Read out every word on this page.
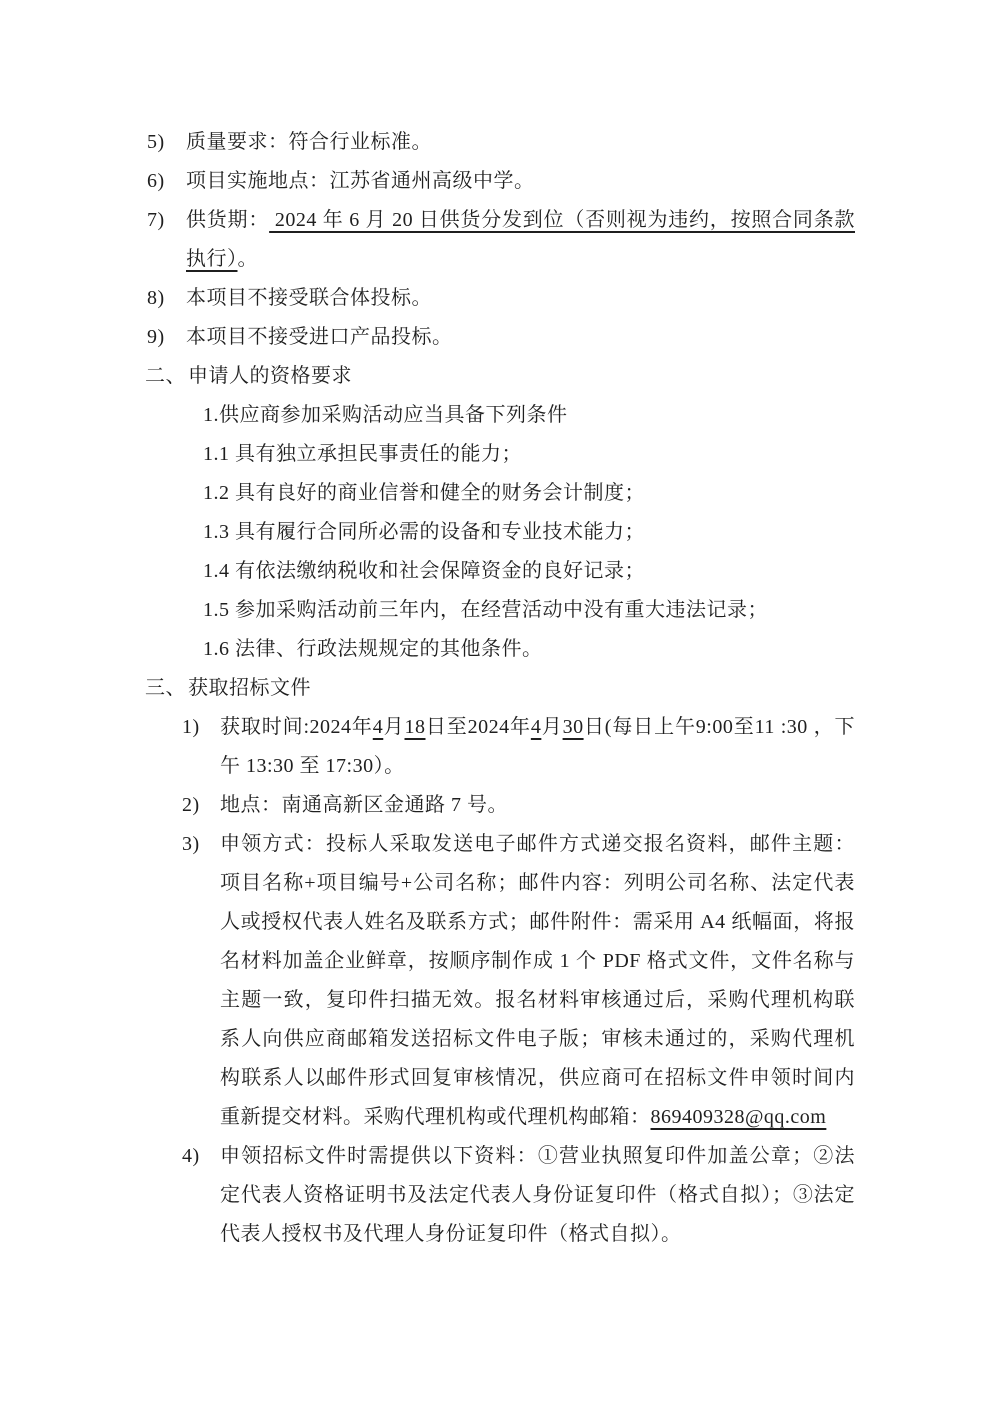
5) 质量要求：符合行业标准。

6) 项目实施地点：江苏省通州高级中学。

7) 供货期： 2024 年 6 月 20 日供货分发到位（否则视为违约，按照合同条款执行）。

8) 本项目不接受联合体投标。

9) 本项目不接受进口产品投标。

二、 申请人的资格要求

1.供应商参加采购活动应当具备下列条件

1.1 具有独立承担民事责任的能力；

1.2 具有良好的商业信誉和健全的财务会计制度；

1.3 具有履行合同所必需的设备和专业技术能力；

1.4 有依法缴纳税收和社会保障资金的良好记录；

1.5 参加采购活动前三年内，在经营活动中没有重大违法记录；

1.6 法律、行政法规规定的其他条件。

三、 获取招标文件

1) 获取时间:2024年4月18日至2024年4月30日(每日上午9:00至11 :30 ，下午 13:30 至 17:30）。

2) 地点：南通高新区金通路 7 号。

3) 申领方式：投标人采取发送电子邮件方式递交报名资料，邮件主题：项目名称+项目编号+公司名称；邮件内容：列明公司名称、法定代表人或授权代表人姓名及联系方式；邮件附件：需采用 A4 纸幅面，将报名材料加盖企业鲜章，按顺序制作成 1 个 PDF 格式文件，文件名称与主题一致，复印件扫描无效。报名材料审核通过后，采购代理机构联系人向供应商邮箱发送招标文件电子版；审核未通过的，采购代理机构联系人以邮件形式回复审核情况，供应商可在招标文件申领时间内重新提交材料。采购代理机构或代理机构邮箱：869409328@qq.com

4) 申领招标文件时需提供以下资料：①营业执照复印件加盖公章；②法定代表人资格证明书及法定代表人身份证复印件（格式自拟）；③法定代表人授权书及代理人身份证复印件（格式自拟）。
